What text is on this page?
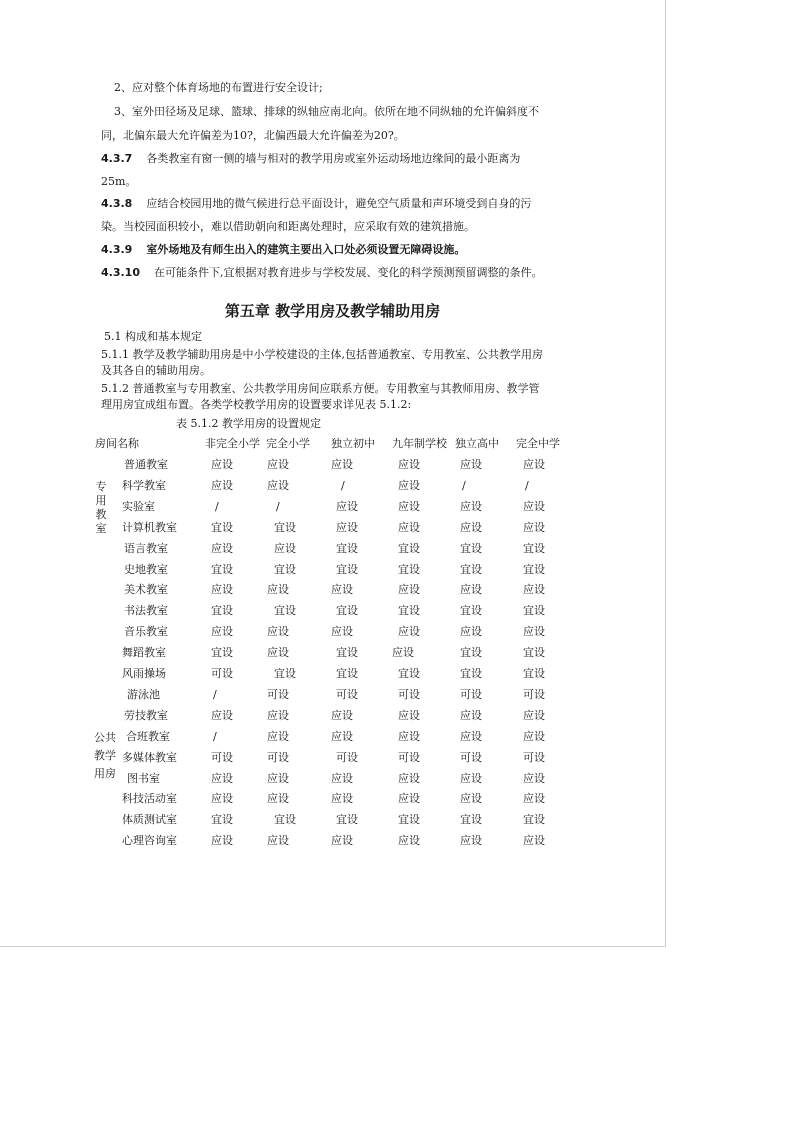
2、应对整个体育场地的布置进行安全设计;
3、室外田径场及足球、篮球、排球的纵轴应南北向。依所在地不同纵轴的允许偏斜度不
同，北偏东最大允许偏差为10?，北偏西最大允许偏差为20?。
4.3.7 各类教室有窗一侧的墙与相对的教学用房或室外运动场地边缘间的最小距离为
25m。
4.3.8 应结合校园用地的微气候进行总平面设计，避免空气质量和声环境受到自身的污
染。当校园面积较小，难以借助朝向和距离处理时，应采取有效的建筑措施。
4.3.9 室外场地及有师生出入的建筑主要出入口处必须设置无障碍设施。
4.3.10 在可能条件下,宜根据对教育进步与学校发展、变化的科学预测预留调整的条件。
第五章 教学用房及教学辅助用房
5.1 构成和基本规定
5.1.1 教学及教学辅助用房是中小学校建设的主体,包括普通教室、专用教室、公共教学用房
及其各自的辅助用房。
5.1.2 普通教室与专用教室、公共教学用房间应联系方便。专用教室与其教师用房、教学管
理用房宜成组布置。各类学校教学用房的设置要求详见表 5.1.2:
表 5.1.2 教学用房的设置规定
房间名称	非完全小学 完全小学 独立初中 九年制学校 独立高中 完全中学
专
用
教
室
公共
教学
用房
普通教室	应设	应设	应设	应设	应设	应设
科学教室	应设	应设	/	应设	/	/
实验室	/	/	应设	应设	应设	应设
计算机教室	宜设	宜设	应设	应设	应设	应设
语言教室	应设	应设	宜设	宜设	宜设	宜设
史地教室	宜设	宜设	宜设	宜设	宜设	宜设
美术教室	应设	应设	应设	应设	应设	应设
书法教室	宜设	宜设	宜设	宜设	宜设	宜设
音乐教室	应设	应设	应设	应设	应设	应设
舞蹈教室	宜设	应设	宜设	应设	宜设	宜设
风雨操场	可设	宜设	宜设	宜设	宜设	宜设
游泳池	/	可设	可设	可设	可设	可设
劳技教室	应设	应设	应设	应设	应设	应设
合班教室	/	应设	应设	应设	应设	应设
多媒体教室	可设	可设	可设	可设	可设	可设
图书室	应设	应设	应设	应设	应设	应设
科技活动室	应设	应设	应设	应设	应设	应设
体质测试室	宜设	宜设	宜设	宜设	宜设	宜设
心理咨询室	应设	应设	应设	应设	应设	应设
